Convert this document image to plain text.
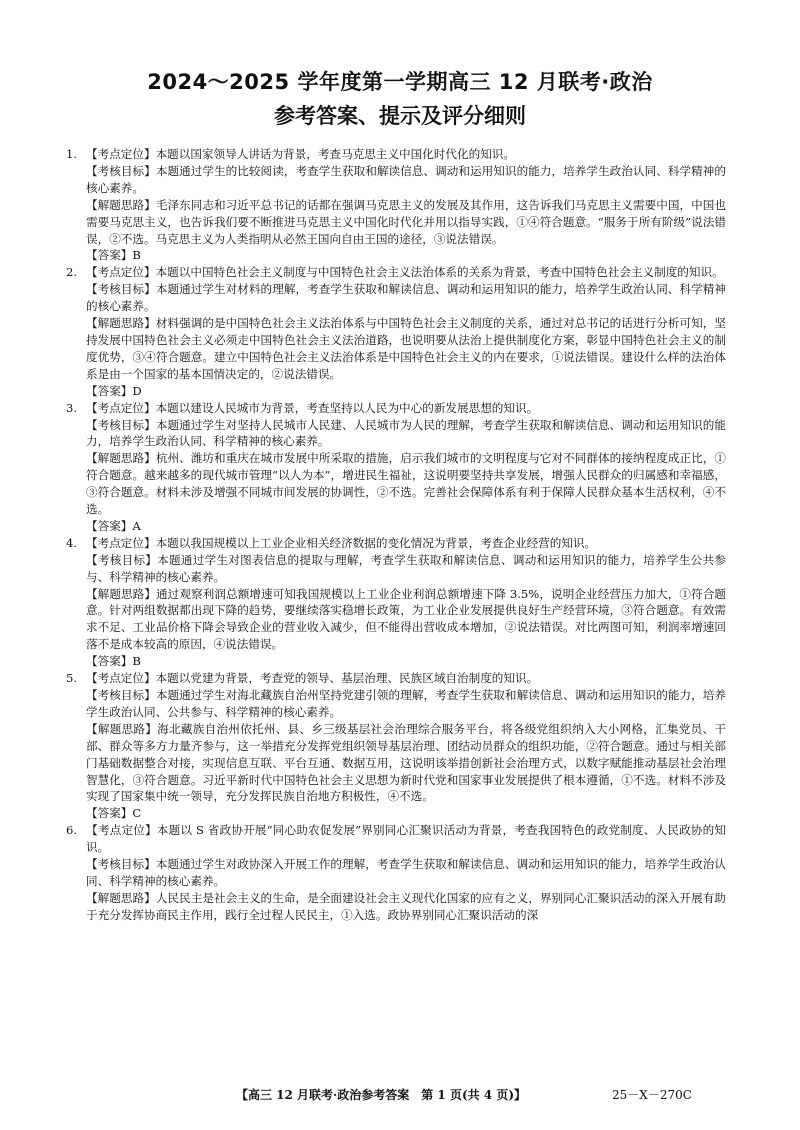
2024～2025 学年度第一学期高三 12 月联考·政治
参考答案、提示及评分细则

1. 【考点定位】本题以国家领导人讲话为背景，考查马克思主义中国化时代化的知识。

【考核目标】本题通过学生的比较阅读，考查学生获取和解读信息、调动和运用知识的能力，培养学生政治认同、科学精神的核心素养。

【解题思路】毛泽东同志和习近平总书记的话都在强调马克思主义的发展及其作用，这告诉我们马克思主义需要中国，中国也需要马克思主义，也告诉我们要不断推进马克思主义中国化时代化并用以指导实践，①④符合题意。“服务于所有阶级”说法错误，②不选。马克思主义为人类指明从必然王国向自由王国的途径，③说法错误。

【答案】B

2. 【考点定位】本题以中国特色社会主义制度与中国特色社会主义法治体系的关系为背景，考查中国特色社会主义制度的知识。

【考核目标】本题通过学生对材料的理解，考查学生获取和解读信息、调动和运用知识的能力，培养学生政治认同、科学精神的核心素养。

【解题思路】材料强调的是中国特色社会主义法治体系与中国特色社会主义制度的关系，通过对总书记的话进行分析可知，坚持发展中国特色社会主义必须走中国特色社会主义法治道路，也说明要从法治上提供制度化方案，彰显中国特色社会主义的制度优势，③④符合题意。建立中国特色社会主义法治体系是中国特色社会主义的内在要求，①说法错误。建设什么样的法治体系是由一个国家的基本国情决定的，②说法错误。

【答案】D

3. 【考点定位】本题以建设人民城市为背景，考查坚持以人民为中心的新发展思想的知识。

【考核目标】本题通过学生对坚持人民城市人民建、人民城市为人民的理解，考查学生获取和解读信息、调动和运用知识的能力，培养学生政治认同、科学精神的核心素养。

【解题思路】杭州、潍坊和重庆在城市发展中所采取的措施，启示我们城市的文明程度与它对不同群体的接纳程度成正比，①符合题意。越来越多的现代城市管理“以人为本”，增进民生福祉，这说明要坚持共享发展，增强人民群众的归属感和幸福感，③符合题意。材料未涉及增强不同城市间发展的协调性，②不选。完善社会保障体系有利于保障人民群众基本生活权利，④不选。

【答案】A

4. 【考点定位】本题以我国规模以上工业企业相关经济数据的变化情况为背景，考查企业经营的知识。

【考核目标】本题通过学生对图表信息的提取与理解，考查学生获取和解读信息、调动和运用知识的能力，培养学生公共参与、科学精神的核心素养。

【解题思路】通过观察利润总额增速可知我国规模以上工业企业利润总额增速下降 3.5%，说明企业经营压力加大，①符合题意。针对两组数据都出现下降的趋势，要继续落实稳增长政策，为工业企业发展提供良好生产经营环境，③符合题意。有效需求不足、工业品价格下降会导致企业的营业收入减少，但不能得出营收成本增加，②说法错误。对比两图可知，利润率增速回落不是成本较高的原因，④说法错误。

【答案】B

5. 【考点定位】本题以党建为背景，考查党的领导、基层治理、民族区域自治制度的知识。

【考核目标】本题通过学生对海北藏族自治州坚持党建引领的理解，考查学生获取和解读信息、调动和运用知识的能力，培养学生政治认同、公共参与、科学精神的核心素养。

【解题思路】海北藏族自治州依托州、县、乡三级基层社会治理综合服务平台，将各级党组织纳入大小网格，汇集党员、干部、群众等多方力量齐参与，这一举措充分发挥党组织领导基层治理、团结动员群众的组织功能，②符合题意。通过与相关部门基础数据整合对接，实现信息互联、平台互通、数据互用，这说明该举措创新社会治理方式，以数字赋能推动基层社会治理智慧化，③符合题意。习近平新时代中国特色社会主义思想为新时代党和国家事业发展提供了根本遵循，①不选。材料不涉及实现了国家集中统一领导，充分发挥民族自治地方积极性，④不选。

【答案】C

6. 【考点定位】本题以 S 省政协开展“同心助农促发展”界别同心汇聚识活动为背景，考查我国特色的政党制度、人民政协的知识。

【考核目标】本题通过学生对政协深入开展工作的理解，考查学生获取和解读信息、调动和运用知识的能力，培养学生政治认同、科学精神的核心素养。

【解题思路】人民民主是社会主义的生命，是全面建设社会主义现代化国家的应有之义，界别同心汇聚识活动的深入开展有助于充分发挥协商民主作用，践行全过程人民民主，①入选。政协界别同心汇聚识活动的深

【高三 12 月联考·政治参考答案　第 1 页(共 4 页)】	25－X－270C
